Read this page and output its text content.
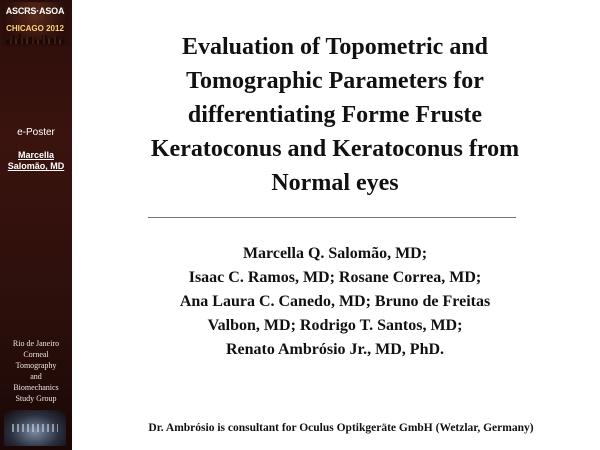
ASCRS·ASOA
CHICAGO 2012
e-Poster
Marcella
Salomão, MD
Rio de Janeiro
Corneal
Tomography
and
Biomechanics
Study Group
Evaluation of Topometric and
Tomographic Parameters for
differentiating Forme Fruste
Keratoconus and Keratoconus from
Normal eyes
Marcella Q. Salomão, MD;
Isaac C. Ramos, MD; Rosane Correa, MD;
Ana Laura C. Canedo, MD; Bruno de Freitas
Valbon, MD; Rodrigo T. Santos, MD;
Renato Ambrósio Jr., MD, PhD.
Dr. Ambrósio is consultant for Oculus Optikgeräte GmbH (Wetzlar, Germany)
